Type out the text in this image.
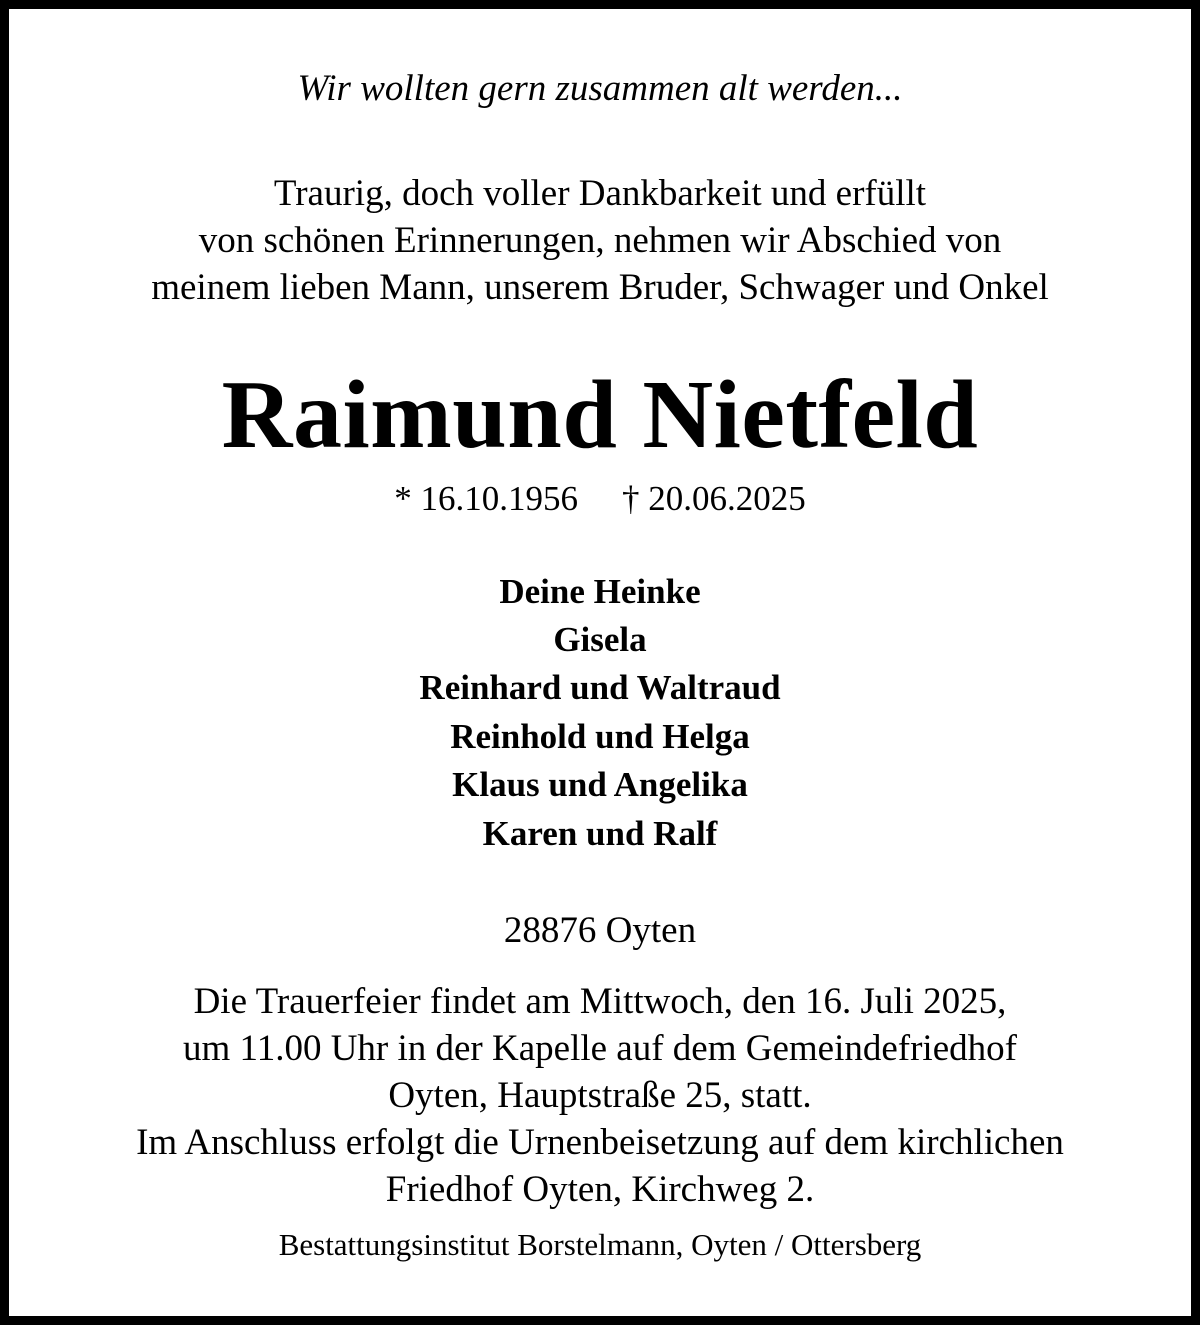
Wir wollten gern zusammen alt werden...
Traurig, doch voller Dankbarkeit und erfüllt
von schönen Erinnerungen, nehmen wir Abschied von
meinem lieben Mann, unserem Bruder, Schwager und Onkel
Raimund Nietfeld
* 16.10.1956 † 20.06.2025
Deine Heinke
Gisela
Reinhard und Waltraud
Reinhold und Helga
Klaus und Angelika
Karen und Ralf
28876 Oyten
Die Trauerfeier findet am Mittwoch, den 16. Juli 2025,
um 11.00 Uhr in der Kapelle auf dem Gemeindefriedhof
Oyten, Hauptstraße 25, statt.
Im Anschluss erfolgt die Urnenbeisetzung auf dem kirchlichen
Friedhof Oyten, Kirchweg 2.
Bestattungsinstitut Borstelmann, Oyten / Ottersberg
